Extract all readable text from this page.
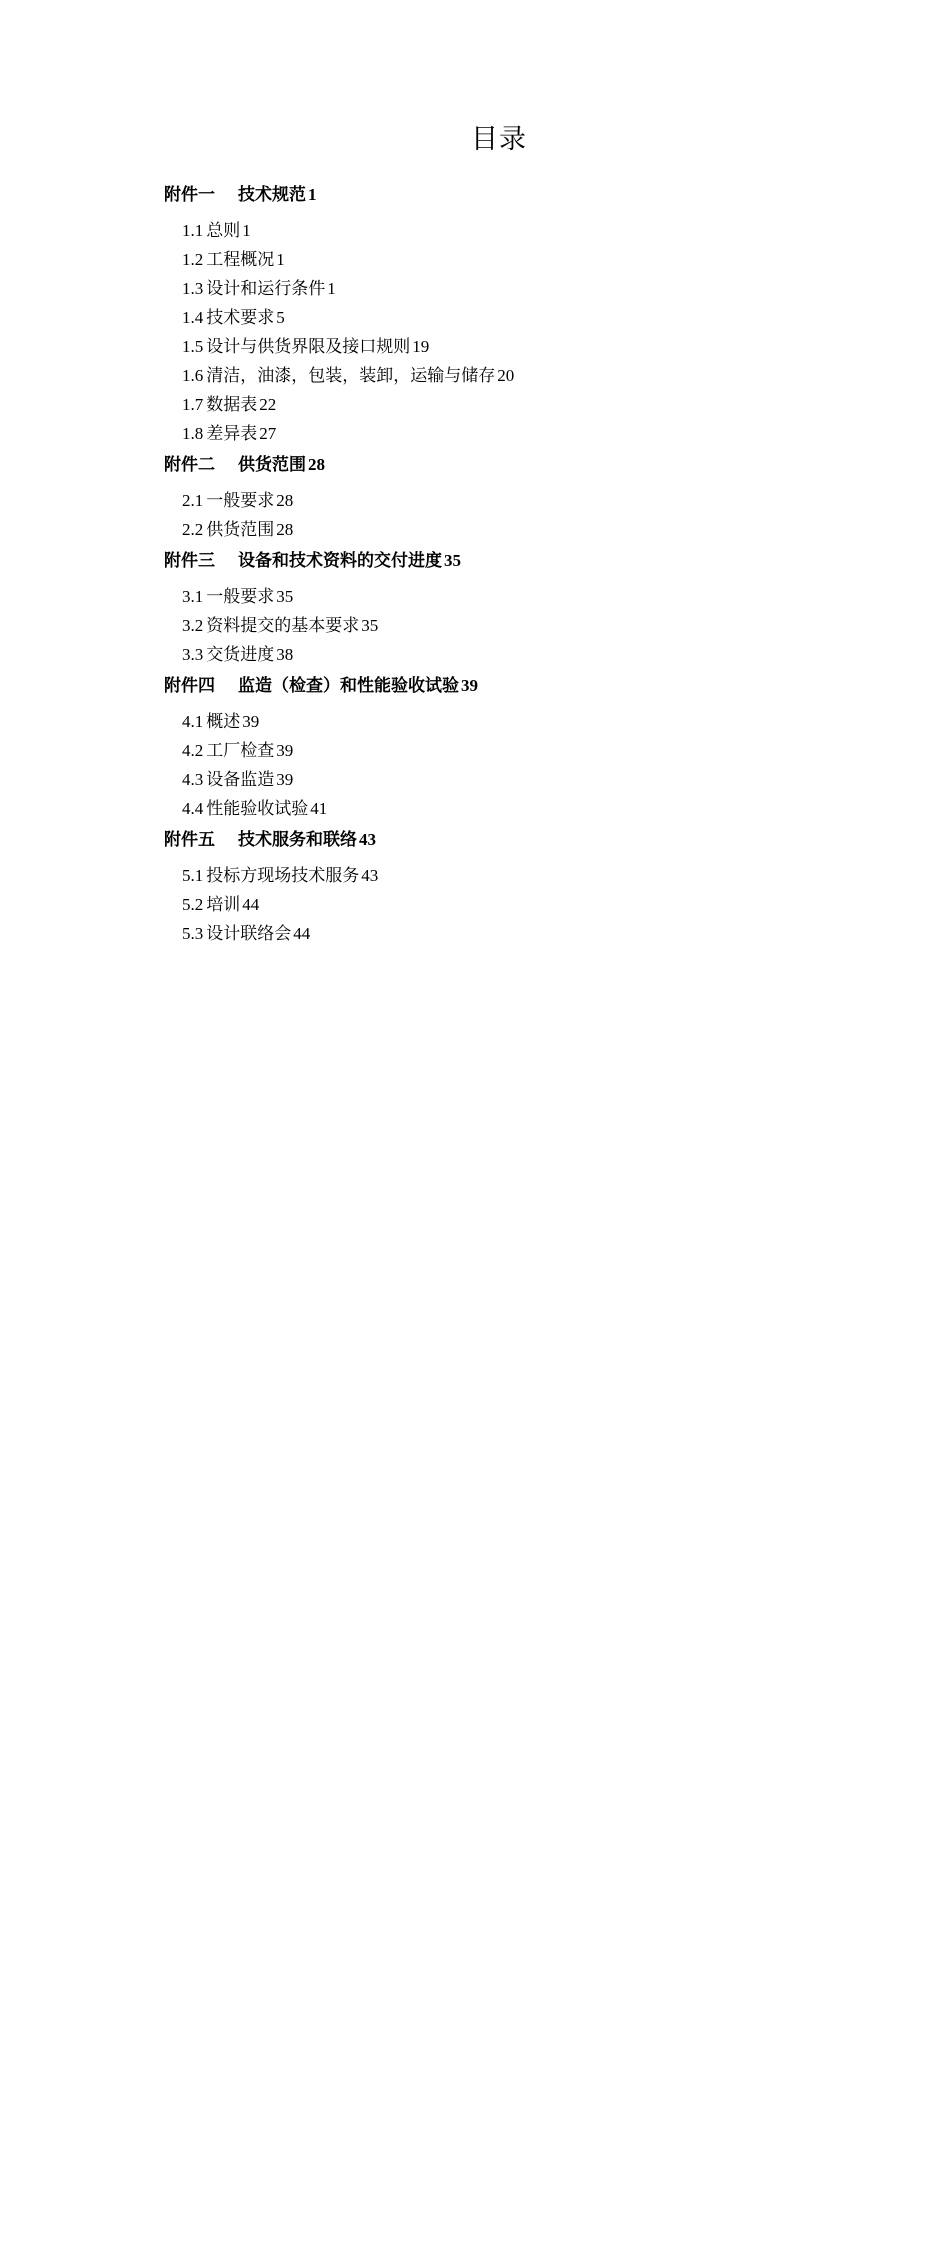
目录
附件一 技术规范 1
1.1 总则 1
1.2 工程概况 1
1.3 设计和运行条件 1
1.4 技术要求 5
1.5 设计与供货界限及接口规则 19
1.6 清洁，油漆，包装，装卸，运输与储存 20
1.7 数据表 22
1.8 差异表 27
附件二 供货范围 28
2.1 一般要求 28
2.2 供货范围 28
附件三 设备和技术资料的交付进度 35
3.1 一般要求 35
3.2 资料提交的基本要求 35
3.3 交货进度 38
附件四 监造（检查）和性能验收试验 39
4.1 概述 39
4.2 工厂检查 39
4.3 设备监造 39
4.4 性能验收试验 41
附件五 技术服务和联络 43
5.1 投标方现场技术服务 43
5.2 培训 44
5.3 设计联络会 44
